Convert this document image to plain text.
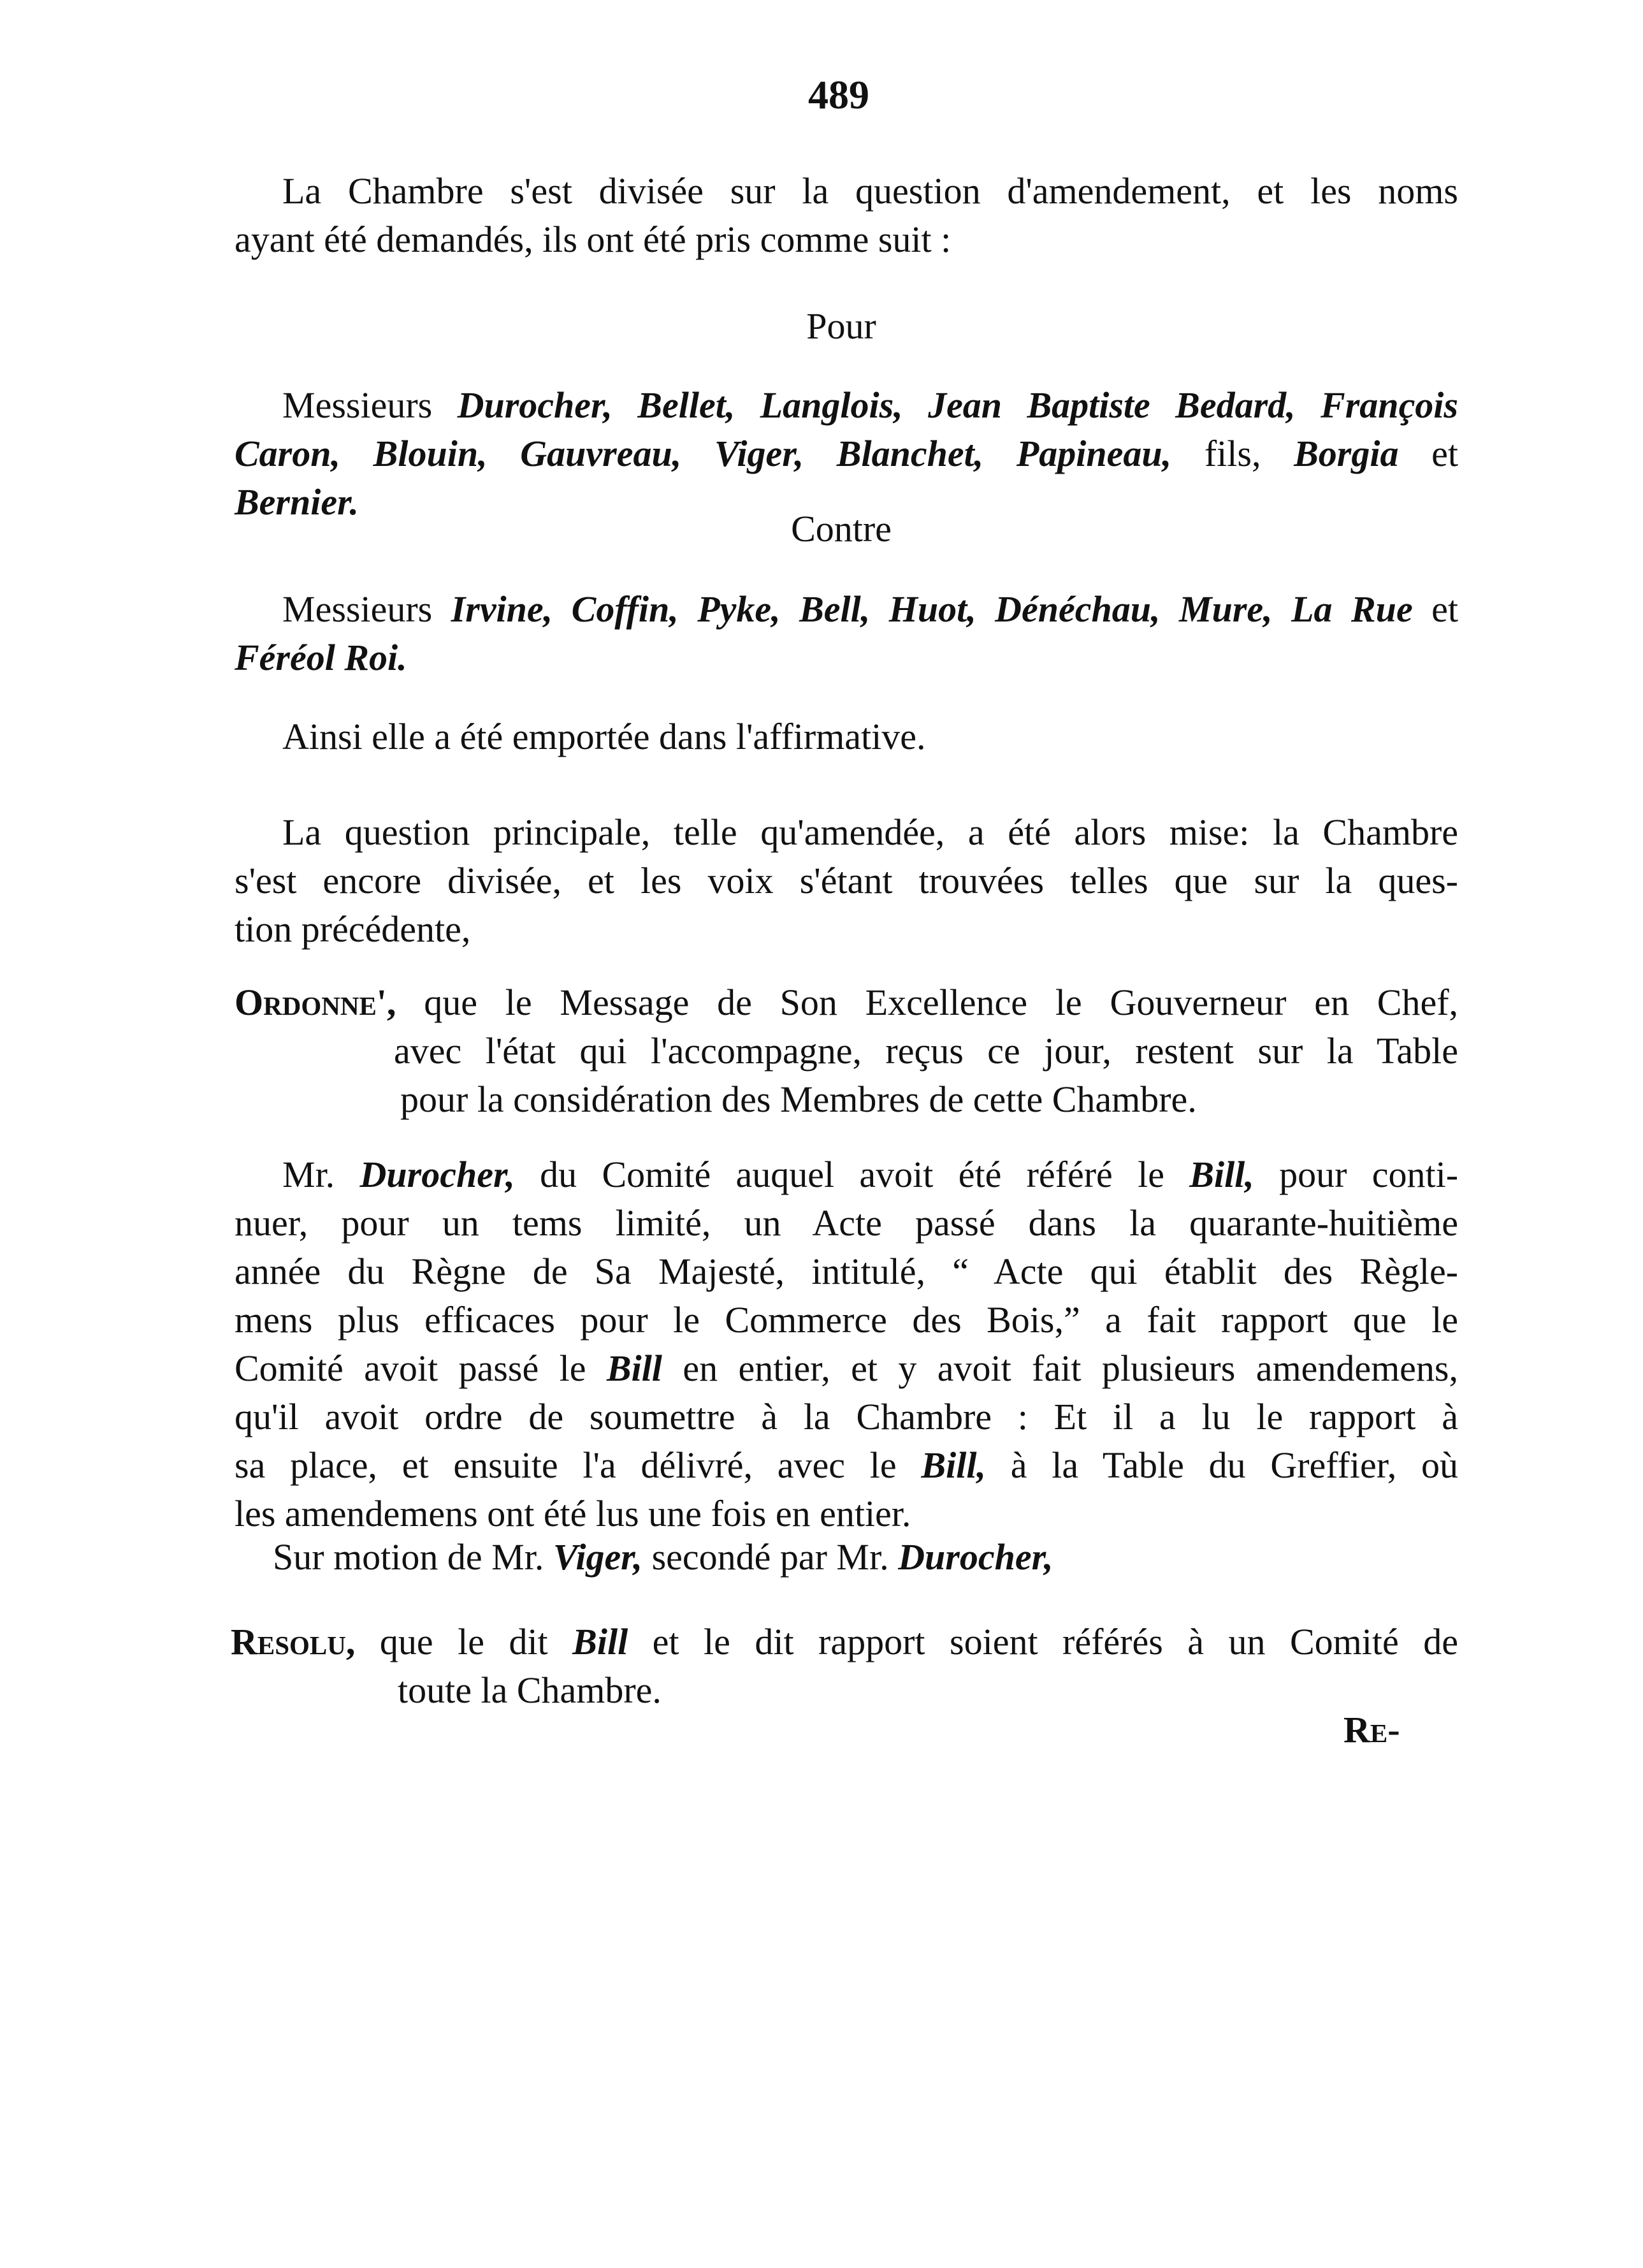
489
La Chambre s'est divisée sur la question d'amendement, et les noms
ayant été demandés, ils ont été pris comme suit :
Pour
Messieurs Durocher, Bellet, Langlois, Jean Baptiste Bedard, François
Caron, Blouin, Gauvreau, Viger, Blanchet, Papineau, fils, Borgia et
Bernier.
Contre
Messieurs Irvine, Coffin, Pyke, Bell, Huot, Dénéchau, Mure, La Rue et
Féréol Roi.
Ainsi elle a été emportée dans l'affirmative.
La question principale, telle qu'amendée, a été alors mise: la Chambre
s'est encore divisée, et les voix s'étant trouvées telles que sur la ques-
tion précédente,
Ordonne', que le Message de Son Excellence le Gouverneur en Chef,
avec l'état qui l'accompagne, reçus ce jour, restent sur la Table
pour la considération des Membres de cette Chambre.
Mr. Durocher, du Comité auquel avoit été référé le Bill, pour conti-
nuer, pour un tems limité, un Acte passé dans la quarante-huitième
année du Règne de Sa Majesté, intitulé, “ Acte qui établit des Règle-
mens plus efficaces pour le Commerce des Bois,” a fait rapport que le
Comité avoit passé le Bill en entier, et y avoit fait plusieurs amendemens,
qu'il avoit ordre de soumettre à la Chambre : Et il a lu le rapport à
sa place, et ensuite l'a délivré, avec le Bill, à la Table du Greffier, où
les amendemens ont été lus une fois en entier.
Sur motion de Mr. Viger, secondé par Mr. Durocher,
Resolu, que le dit Bill et le dit rapport soient référés à un Comité de
toute la Chambre.
Re-
